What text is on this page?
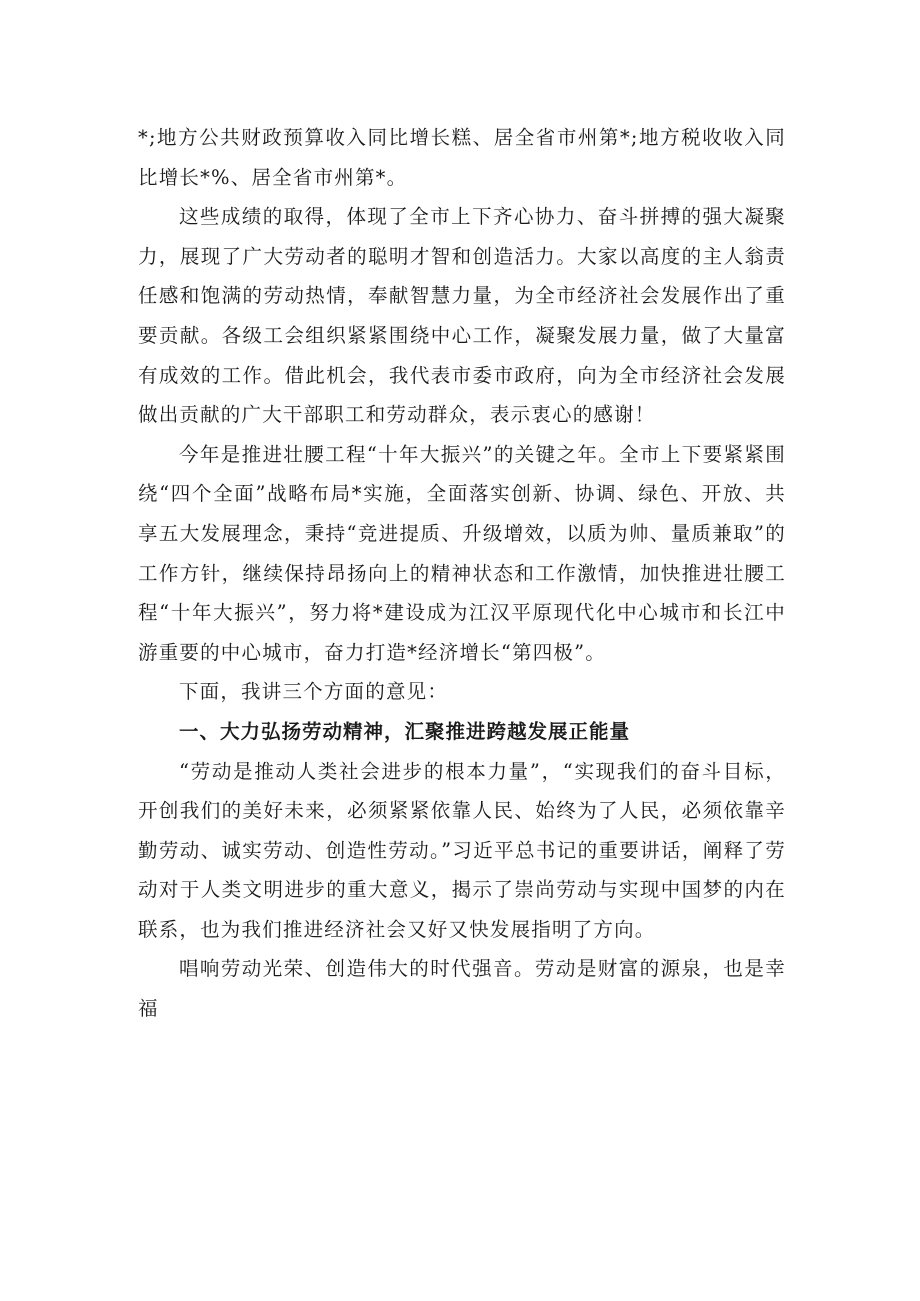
*;地方公共财政预算收入同比增长糕、居全省市州第*;地方税收收入同比增长*%、居全省市州第*。

这些成绩的取得，体现了全市上下齐心协力、奋斗拼搏的强大凝聚力，展现了广大劳动者的聪明才智和创造活力。大家以高度的主人翁责任感和饱满的劳动热情，奉献智慧力量，为全市经济社会发展作出了重要贡献。各级工会组织紧紧围绕中心工作，凝聚发展力量，做了大量富有成效的工作。借此机会，我代表市委市政府，向为全市经济社会发展做出贡献的广大干部职工和劳动群众，表示衷心的感谢！

今年是推进壮腰工程“十年大振兴”的关键之年。全市上下要紧紧围绕“四个全面”战略布局*实施，全面落实创新、协调、绿色、开放、共享五大发展理念，秉持“竞进提质、升级增效，以质为帅、量质兼取”的工作方针，继续保持昂扬向上的精神状态和工作激情，加快推进壮腰工程“十年大振兴”，努力将*建设成为江汉平原现代化中心城市和长江中游重要的中心城市，奋力打造*经济增长“第四极”。

下面，我讲三个方面的意见：

一、大力弘扬劳动精神，汇聚推进跨越发展正能量

“劳动是推动人类社会进步的根本力量”，“实现我们的奋斗目标，开创我们的美好未来，必须紧紧依靠人民、始终为了人民，必须依靠辛勤劳动、诚实劳动、创造性劳动。”习近平总书记的重要讲话，阐释了劳动对于人类文明进步的重大意义，揭示了崇尚劳动与实现中国梦的内在联系，也为我们推进经济社会又好又快发展指明了方向。

唱响劳动光荣、创造伟大的时代强音。劳动是财富的源泉，也是幸福
